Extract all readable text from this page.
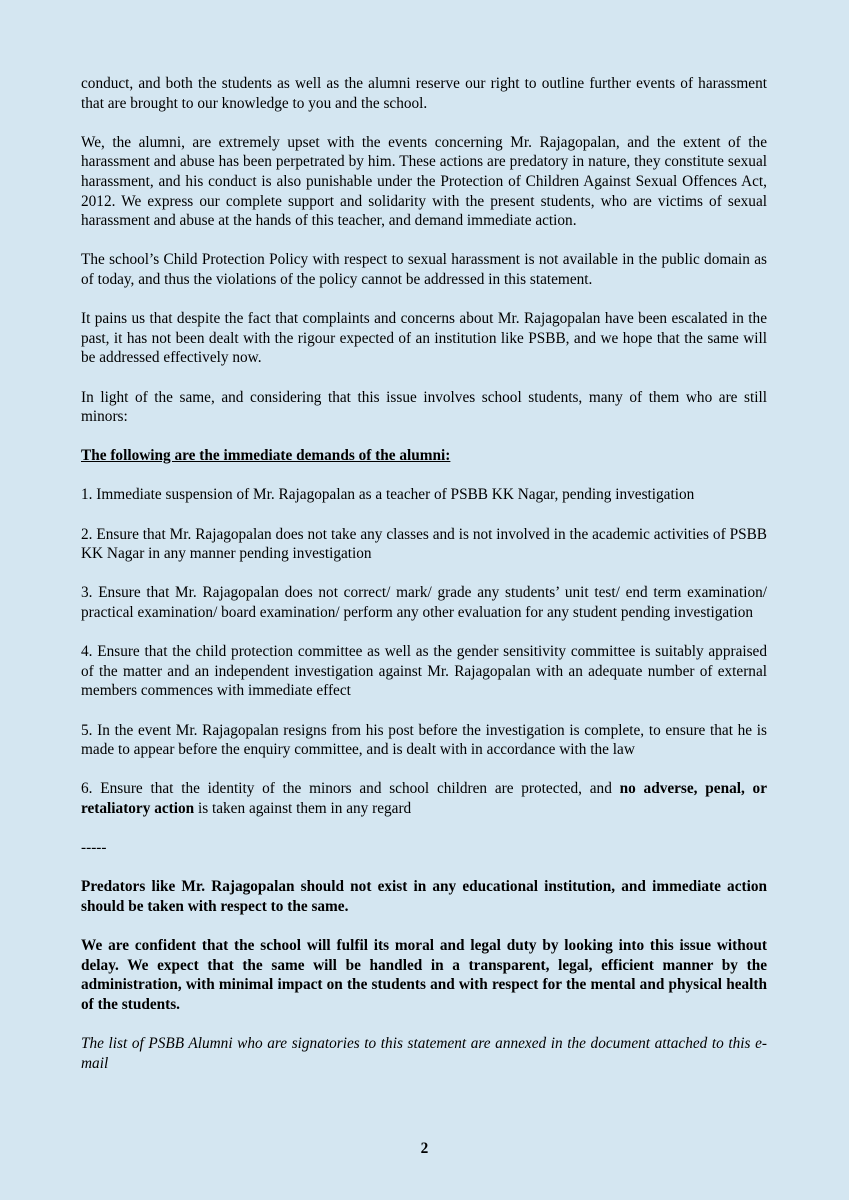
conduct, and both the students as well as the alumni reserve our right to outline further events of harassment that are brought to our knowledge to you and the school.

We, the alumni, are extremely upset with the events concerning Mr. Rajagopalan, and the extent of the harassment and abuse has been perpetrated by him. These actions are predatory in nature, they constitute sexual harassment, and his conduct is also punishable under the Protection of Children Against Sexual Offences Act, 2012. We express our complete support and solidarity with the present students, who are victims of sexual harassment and abuse at the hands of this teacher, and demand immediate action.

The school’s Child Protection Policy with respect to sexual harassment is not available in the public domain as of today, and thus the violations of the policy cannot be addressed in this statement.

It pains us that despite the fact that complaints and concerns about Mr. Rajagopalan have been escalated in the past, it has not been dealt with the rigour expected of an institution like PSBB, and we hope that the same will be addressed effectively now.

In light of the same, and considering that this issue involves school students, many of them who are still minors:

The following are the immediate demands of the alumni:

1. Immediate suspension of Mr. Rajagopalan as a teacher of PSBB KK Nagar, pending investigation

2. Ensure that Mr. Rajagopalan does not take any classes and is not involved in the academic activities of PSBB KK Nagar in any manner pending investigation

3. Ensure that Mr. Rajagopalan does not correct/ mark/ grade any students’ unit test/ end term examination/ practical examination/ board examination/ perform any other evaluation for any student pending investigation

4. Ensure that the child protection committee as well as the gender sensitivity committee is suitably appraised of the matter and an independent investigation against Mr. Rajagopalan with an adequate number of external members commences with immediate effect

5. In the event Mr. Rajagopalan resigns from his post before the investigation is complete, to ensure that he is made to appear before the enquiry committee, and is dealt with in accordance with the law

6. Ensure that the identity of the minors and school children are protected, and no adverse, penal, or retaliatory action is taken against them in any regard

-----

Predators like Mr. Rajagopalan should not exist in any educational institution, and immediate action should be taken with respect to the same.

We are confident that the school will fulfil its moral and legal duty by looking into this issue without delay. We expect that the same will be handled in a transparent, legal, efficient manner by the administration, with minimal impact on the students and with respect for the mental and physical health of the students.

The list of PSBB Alumni who are signatories to this statement are annexed in the document attached to this e-mail

2
